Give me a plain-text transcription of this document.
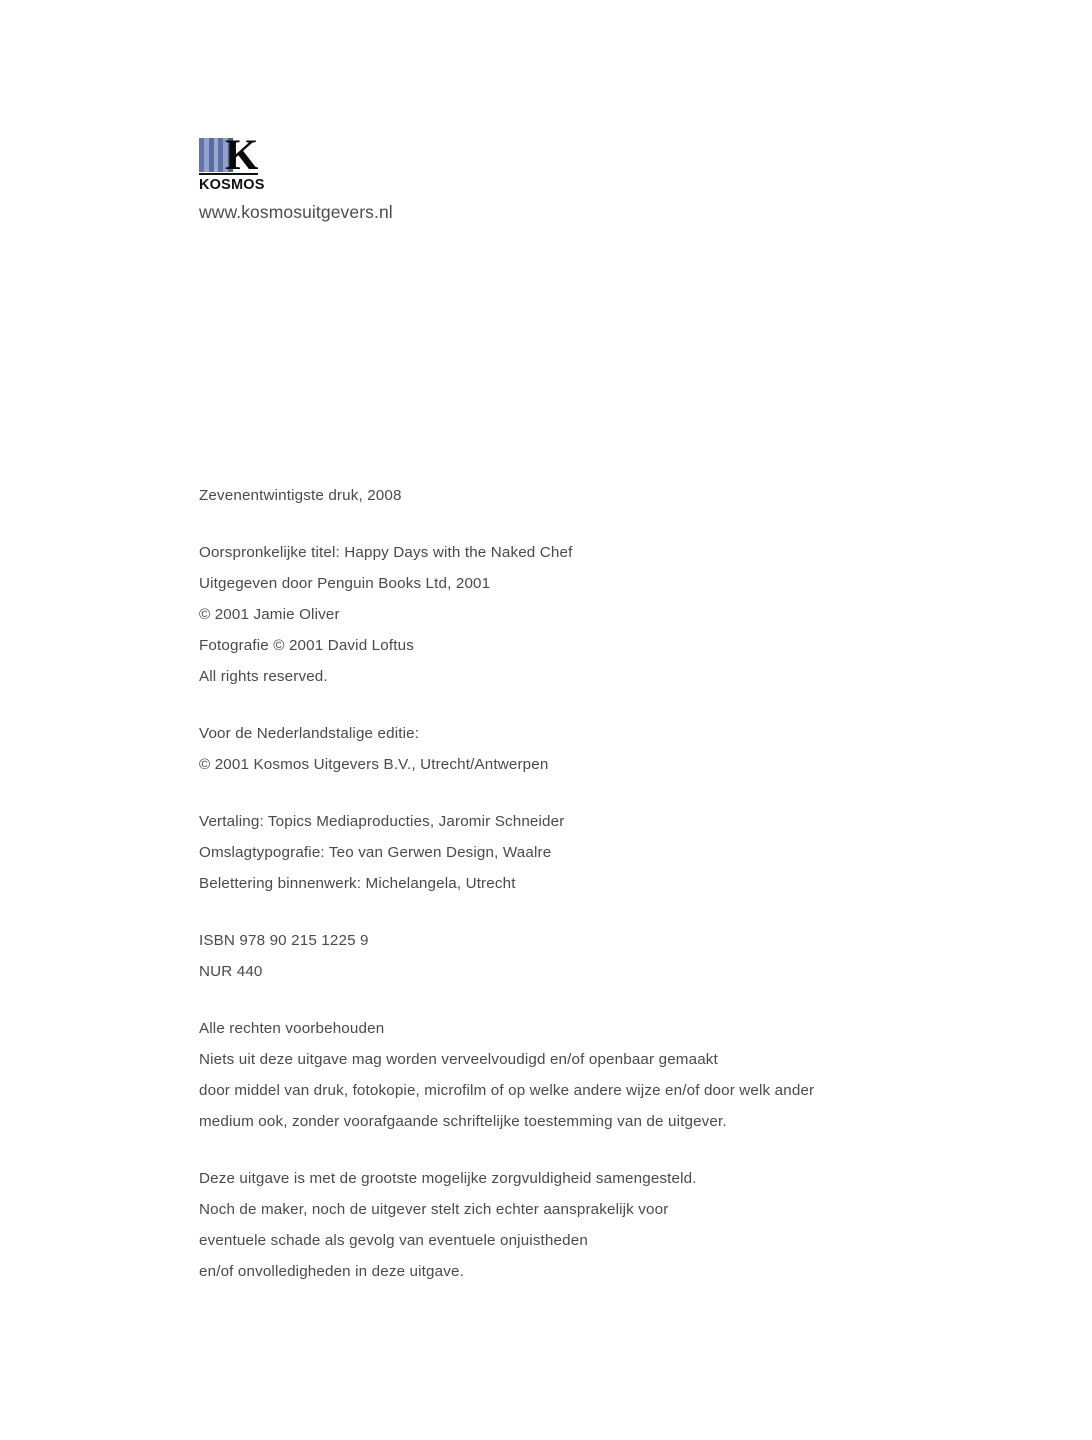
K
KOSMOS
www.kosmosuitgevers.nl
Zevenentwintigste druk, 2008
Oorspronkelijke titel: Happy Days with the Naked Chef
Uitgegeven door Penguin Books Ltd, 2001
© 2001 Jamie Oliver
Fotografie © 2001 David Loftus
All rights reserved.
Voor de Nederlandstalige editie:
© 2001 Kosmos Uitgevers B.V., Utrecht/Antwerpen
Vertaling: Topics Mediaproducties, Jaromir Schneider
Omslagtypografie: Teo van Gerwen Design, Waalre
Belettering binnenwerk: Michelangela, Utrecht
ISBN 978 90 215 1225 9
NUR 440
Alle rechten voorbehouden
Niets uit deze uitgave mag worden verveelvoudigd en/of openbaar gemaakt
door middel van druk, fotokopie, microfilm of op welke andere wijze en/of door welk ander
medium ook, zonder voorafgaande schriftelijke toestemming van de uitgever.
Deze uitgave is met de grootste mogelijke zorgvuldigheid samengesteld.
Noch de maker, noch de uitgever stelt zich echter aansprakelijk voor
eventuele schade als gevolg van eventuele onjuistheden
en/of onvolledigheden in deze uitgave.
